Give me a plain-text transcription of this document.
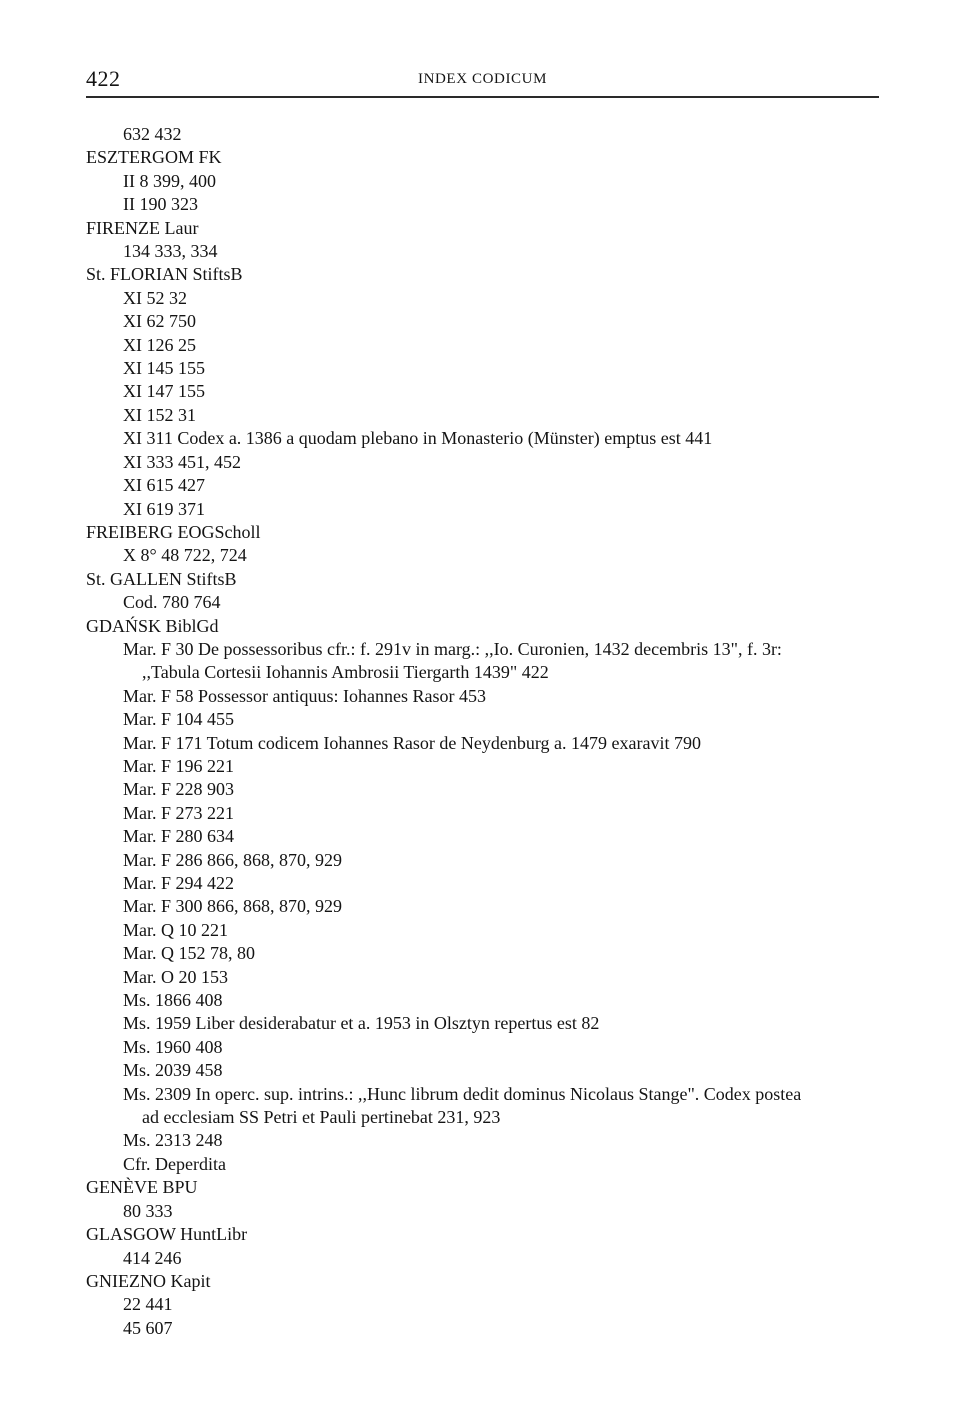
422	INDEX CODICUM
632 432
ESZTERGOM FK
II 8 399, 400
II 190 323
FIRENZE Laur
134 333, 334
St. FLORIAN StiftsB
XI 52 32
XI 62 750
XI 126 25
XI 145 155
XI 147 155
XI 152 31
XI 311 Codex a. 1386 a quodam plebano in Monasterio (Münster) emptus est 441
XI 333 451, 452
XI 615 427
XI 619 371
FREIBERG EOGScholl
X 8° 48 722, 724
St. GALLEN StiftsB
Cod. 780 764
GDAŃSK BiblGd
Mar. F 30 De possessoribus cfr.: f. 291v in marg.: ,,Io. Curonien, 1432 decembris 13", f. 3r:
,,Tabula Cortesii Iohannis Ambrosii Tiergarth 1439" 422
Mar. F 58 Possessor antiquus: Iohannes Rasor 453
Mar. F 104 455
Mar. F 171 Totum codicem Iohannes Rasor de Neydenburg a. 1479 exaravit 790
Mar. F 196 221
Mar. F 228 903
Mar. F 273 221
Mar. F 280 634
Mar. F 286 866, 868, 870, 929
Mar. F 294 422
Mar. F 300 866, 868, 870, 929
Mar. Q 10 221
Mar. Q 152 78, 80
Mar. O 20 153
Ms. 1866 408
Ms. 1959 Liber desiderabatur et a. 1953 in Olsztyn repertus est 82
Ms. 1960 408
Ms. 2039 458
Ms. 2309 In operc. sup. intrins.: ,,Hunc librum dedit dominus Nicolaus Stange". Codex postea
ad ecclesiam SS Petri et Pauli pertinebat 231, 923
Ms. 2313 248
Cfr. Deperdita
GENÈVE BPU
80 333
GLASGOW HuntLibr
414 246
GNIEZNO Kapit
22 441
45 607
